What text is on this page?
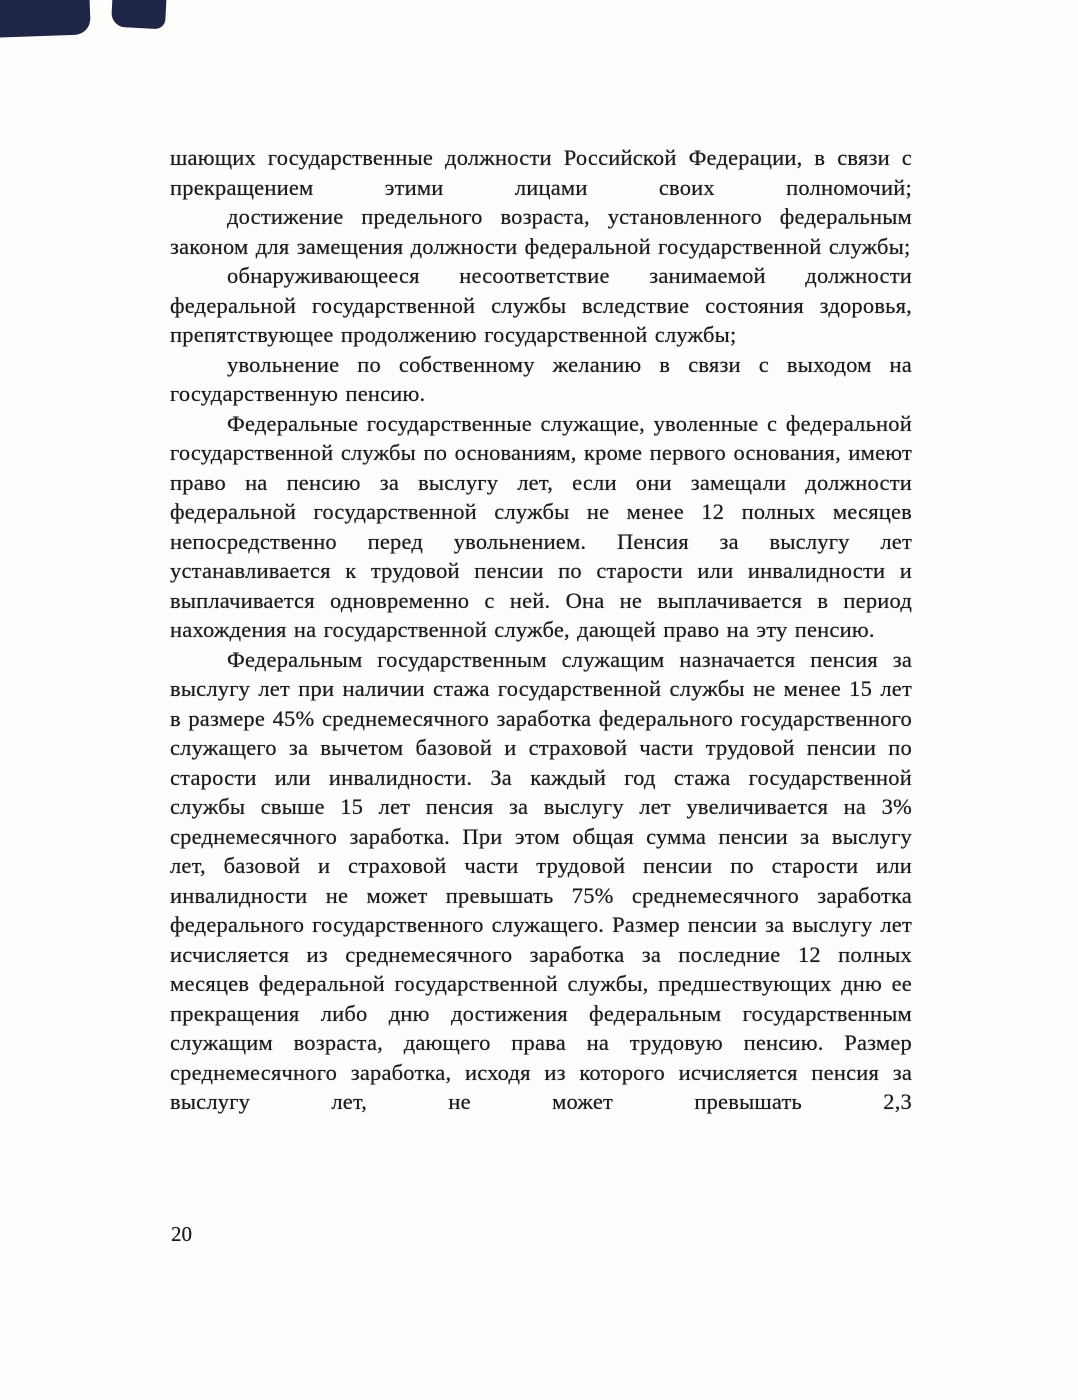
шающих государственные должности Российской Федерации, в связи с прекращением этими лицами своих полномочий;

достижение предельного возраста, установленного федеральным законом для замещения должности федеральной государственной службы;

обнаруживающееся несоответствие занимаемой должности федеральной государственной службы вследствие состояния здоровья, препятствующее продолжению государственной службы;

увольнение по собственному желанию в связи с выходом на государственную пенсию.

Федеральные государственные служащие, уволенные с федеральной государственной службы по основаниям, кроме первого основания, имеют право на пенсию за выслугу лет, если они замещали должности федеральной государственной службы не менее 12 полных месяцев непосредственно перед увольнением. Пенсия за выслугу лет устанавливается к трудовой пенсии по старости или инвалидности и выплачивается одновременно с ней. Она не выплачивается в период нахождения на государственной службе, дающей право на эту пенсию.

Федеральным государственным служащим назначается пенсия за выслугу лет при наличии стажа государственной службы не менее 15 лет в размере 45% среднемесячного заработка федерального государственного служащего за вычетом базовой и страховой части трудовой пенсии по старости или инвалидности. За каждый год стажа государственной службы свыше 15 лет пенсия за выслугу лет увеличивается на 3% среднемесячного заработка. При этом общая сумма пенсии за выслугу лет, базовой и страховой части трудовой пенсии по старости или инвалидности не может превышать 75% среднемесячного заработка федерального государственного служащего. Размер пенсии за выслугу лет исчисляется из среднемесячного заработка за последние 12 полных месяцев федеральной государственной службы, предшествующих дню ее прекращения либо дню достижения федеральным государственным служащим возраста, дающего права на трудовую пенсию. Размер среднемесячного заработка, исходя из которого исчисляется пенсия за выслугу лет, не может превышать 2,3

20
